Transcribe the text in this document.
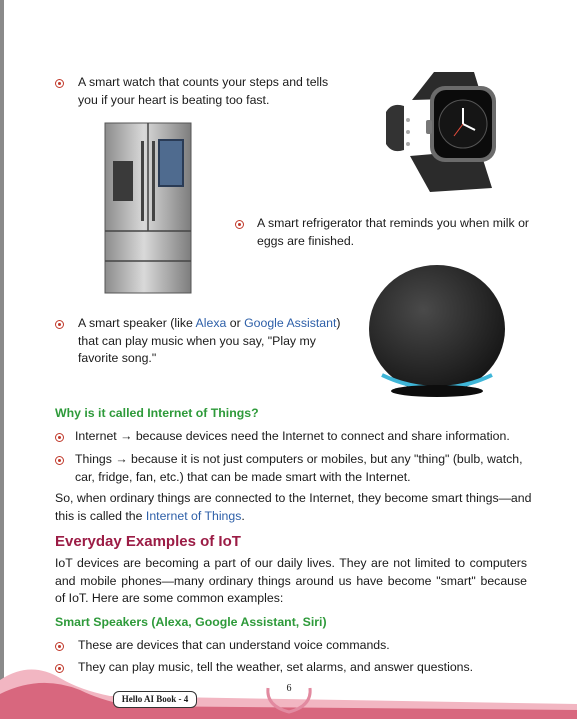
A smart watch that counts your steps and tells you if your heart is beating too fast.
A smart refrigerator that reminds you when milk or eggs are finished.
A smart speaker (like Alexa or Google Assistant) that can play music when you say, "Play my favorite song."
Why is it called Internet of Things?
Internet → because devices need the Internet to connect and share information.
Things → because it is not just computers or mobiles, but any "thing" (bulb, watch, car, fridge, fan, etc.) that can be made smart with the Internet.
So, when ordinary things are connected to the Internet, they become smart things—and this is called the Internet of Things.
Everyday Examples of IoT
IoT devices are becoming a part of our daily lives. They are not limited to computers and mobile phones—many ordinary things around us have become "smart" because of IoT. Here are some common examples:
Smart Speakers (Alexa, Google Assistant, Siri)
These are devices that can understand voice commands.
They can play music, tell the weather, set alarms, and answer questions.
Hello AI Book - 4
6
